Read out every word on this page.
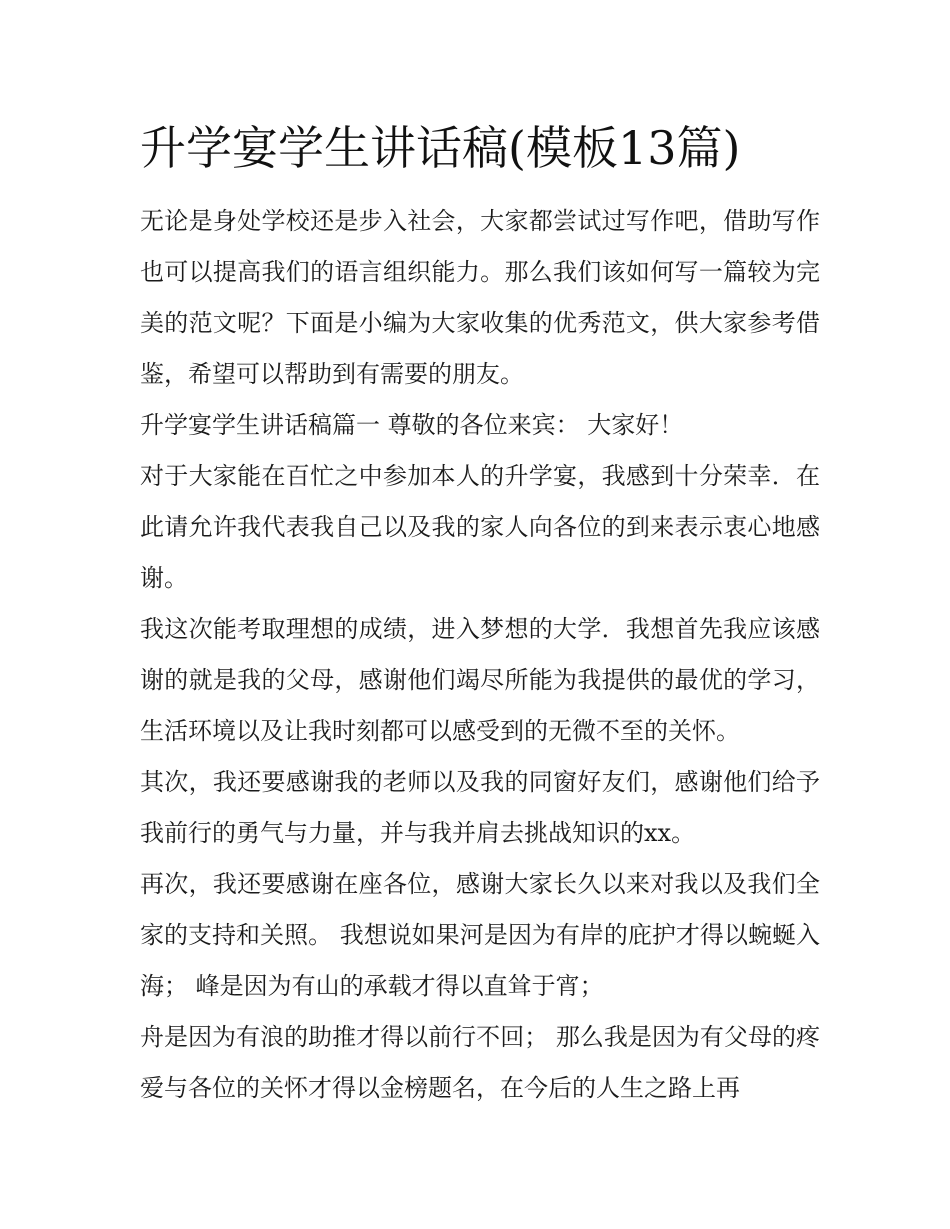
升学宴学生讲话稿(模板13篇)

无论是身处学校还是步入社会，大家都尝试过写作吧，借助写作也可以提高我们的语言组织能力。那么我们该如何写一篇较为完美的范文呢？下面是小编为大家收集的优秀范文，供大家参考借鉴，希望可以帮助到有需要的朋友。

升学宴学生讲话稿篇一 尊敬的各位来宾： 大家好！

对于大家能在百忙之中参加本人的升学宴，我感到十分荣幸．在此请允许我代表我自己以及我的家人向各位的到来表示衷心地感谢。

我这次能考取理想的成绩，进入梦想的大学．我想首先我应该感谢的就是我的父母，感谢他们竭尽所能为我提供的最优的学习，生活环境以及让我时刻都可以感受到的无微不至的关怀。

其次，我还要感谢我的老师以及我的同窗好友们，感谢他们给予我前行的勇气与力量，并与我并肩去挑战知识的xx。

再次，我还要感谢在座各位，感谢大家长久以来对我以及我们全家的支持和关照。 我想说如果河是因为有岸的庇护才得以蜿蜒入海； 峰是因为有山的承载才得以直耸于宵；

舟是因为有浪的助推才得以前行不回； 那么我是因为有父母的疼爱与各位的关怀才得以金榜题名，在今后的人生之路上再
